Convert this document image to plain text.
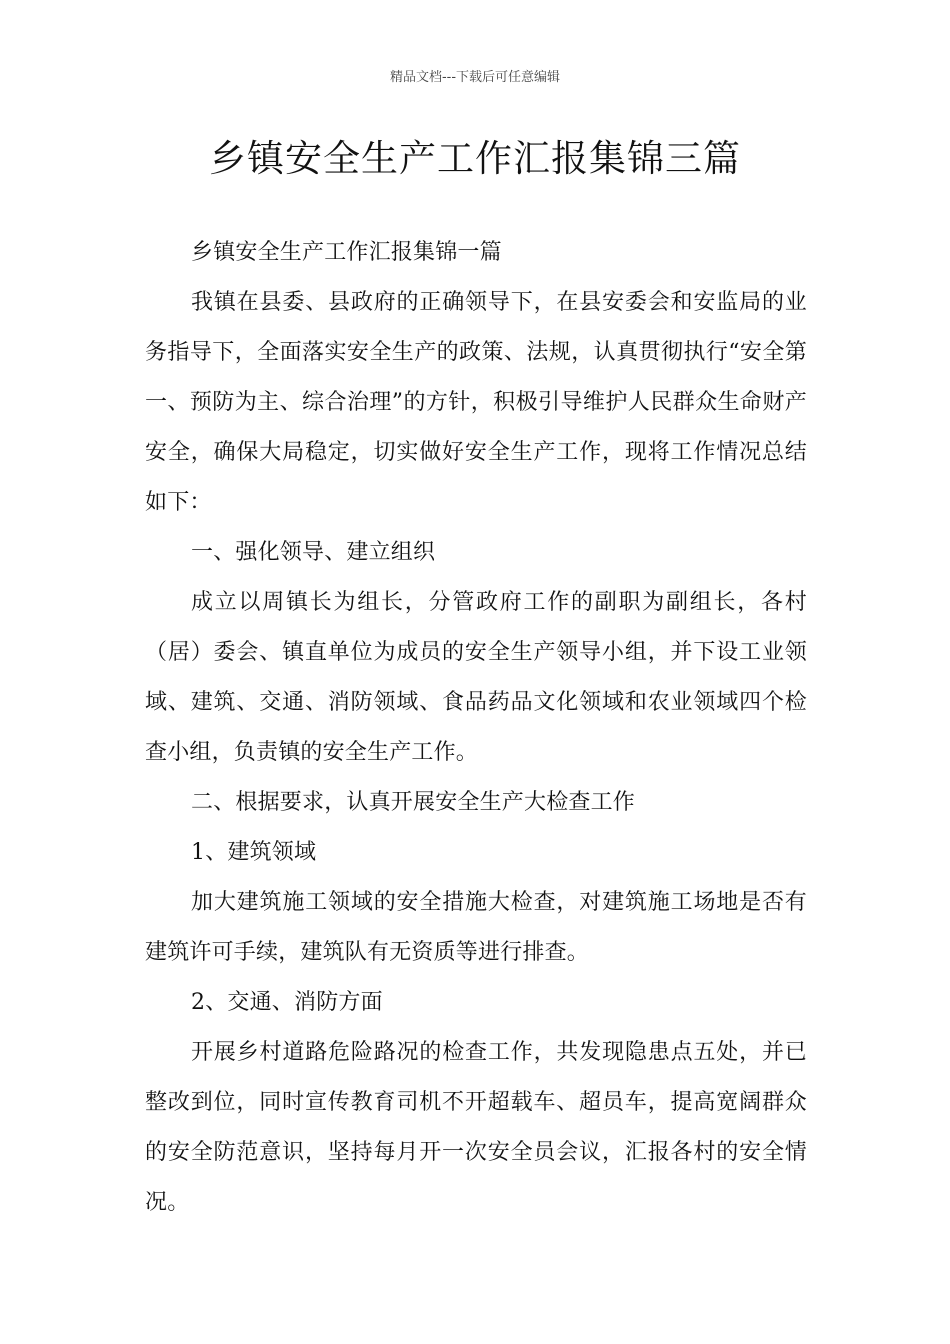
精品文档---下载后可任意编辑
乡镇安全生产工作汇报集锦三篇

乡镇安全生产工作汇报集锦一篇

我镇在县委、县政府的正确领导下，在县安委会和安监局的业务指导下，全面落实安全生产的政策、法规，认真贯彻执行“安全第一、预防为主、综合治理”的方针，积极引导维护人民群众生命财产安全，确保大局稳定，切实做好安全生产工作，现将工作情况总结如下：

一、强化领导、建立组织

成立以周镇长为组长，分管政府工作的副职为副组长，各村（居）委会、镇直单位为成员的安全生产领导小组，并下设工业领域、建筑、交通、消防领域、食品药品文化领域和农业领域四个检查小组，负责镇的安全生产工作。

二、根据要求，认真开展安全生产大检查工作

1、建筑领域

加大建筑施工领域的安全措施大检查，对建筑施工场地是否有建筑许可手续，建筑队有无资质等进行排查。

2、交通、消防方面

开展乡村道路危险路况的检查工作，共发现隐患点五处，并已整改到位，同时宣传教育司机不开超载车、超员车，提高宽阔群众的安全防范意识，坚持每月开一次安全员会议，汇报各村的安全情况。
